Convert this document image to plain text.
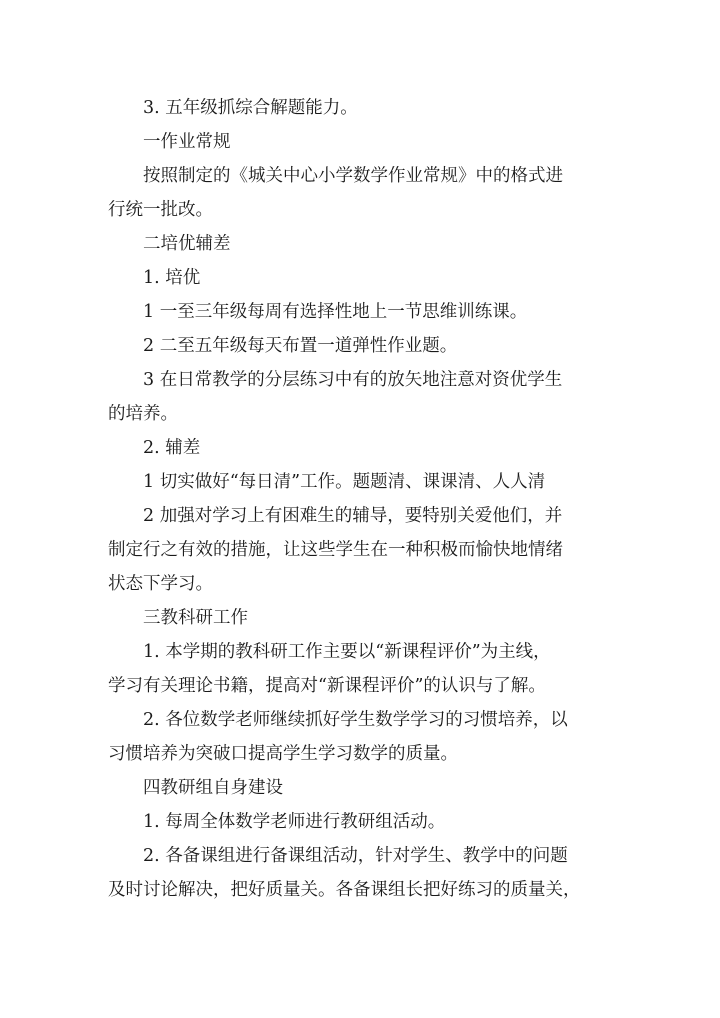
3. 五年级抓综合解题能力。
一作业常规
按照制定的《城关中心小学数学作业常规》中的格式进
行统一批改。
二培优辅差
1. 培优
1 一至三年级每周有选择性地上一节思维训练课。
2 二至五年级每天布置一道弹性作业题。
3 在日常教学的分层练习中有的放矢地注意对资优学生
的培养。
2. 辅差
1 切实做好“每日清”工作。题题清、课课清、人人清
2 加强对学习上有困难生的辅导，要特别关爱他们，并
制定行之有效的措施，让这些学生在一种积极而愉快地情绪
状态下学习。
三教科研工作
1. 本学期的教科研工作主要以“新课程评价”为主线，
学习有关理论书籍，提高对“新课程评价”的认识与了解。
2. 各位数学老师继续抓好学生数学学习的习惯培养，以
习惯培养为突破口提高学生学习数学的质量。
四教研组自身建设
1. 每周全体数学老师进行教研组活动。
2. 各备课组进行备课组活动，针对学生、教学中的问题
及时讨论解决，把好质量关。各备课组长把好练习的质量关，
